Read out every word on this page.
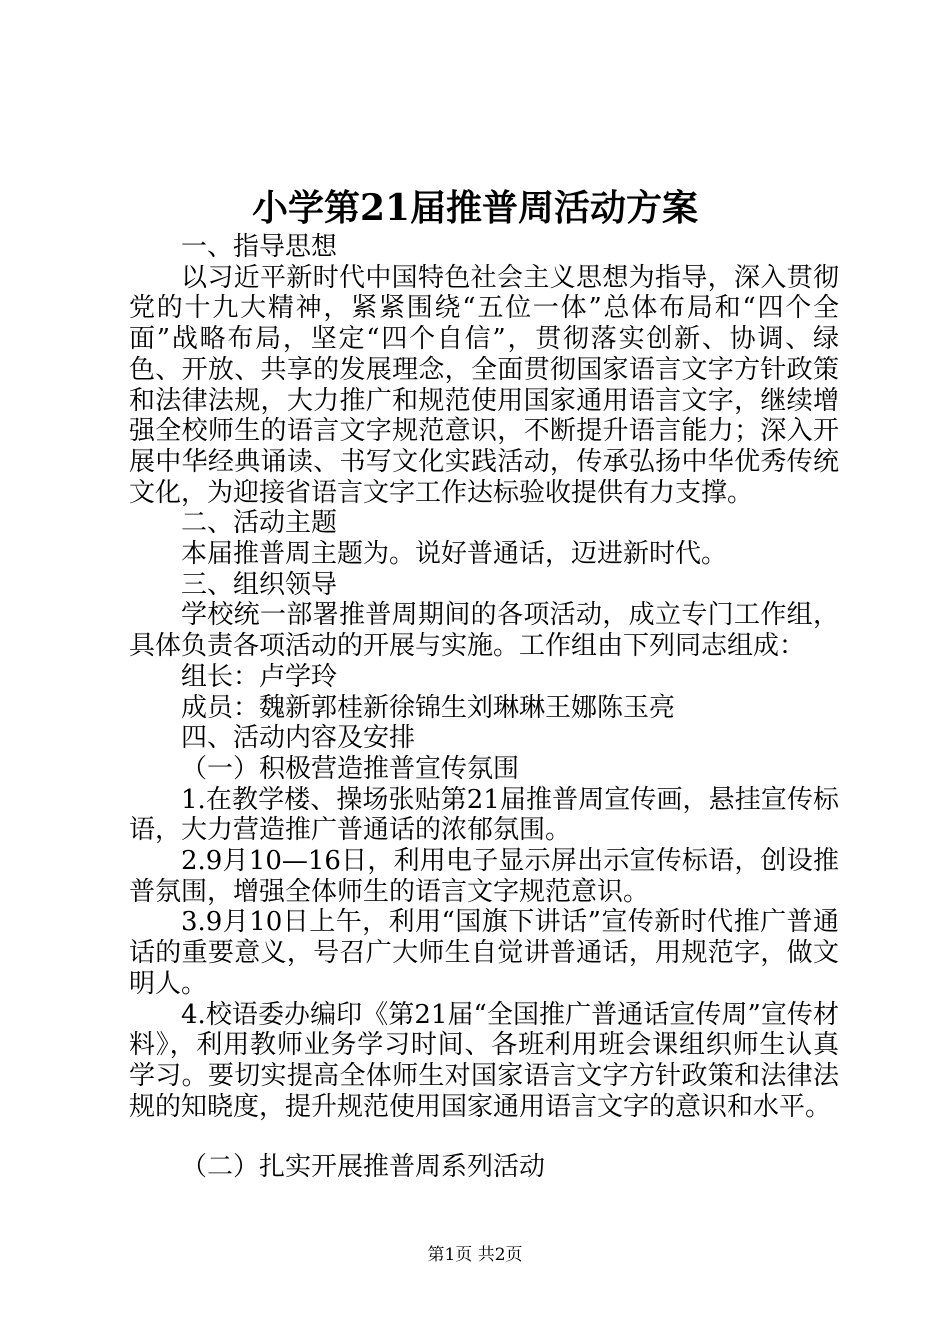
小学第21届推普周活动方案

一、指导思想

以习近平新时代中国特色社会主义思想为指导，深入贯彻党的十九大精神，紧紧围绕“五位一体”总体布局和“四个全面”战略布局，坚定“四个自信”，贯彻落实创新、协调、绿色、开放、共享的发展理念，全面贯彻国家语言文字方针政策和法律法规，大力推广和规范使用国家通用语言文字，继续增强全校师生的语言文字规范意识，不断提升语言能力；深入开展中华经典诵读、书写文化实践活动，传承弘扬中华优秀传统文化，为迎接省语言文字工作达标验收提供有力支撑。

二、活动主题

本届推普周主题为。说好普通话，迈进新时代。

三、组织领导

学校统一部署推普周期间的各项活动，成立专门工作组，具体负责各项活动的开展与实施。工作组由下列同志组成：

组长：卢学玲

成员：魏新郭桂新徐锦生刘琳琳王娜陈玉亮

四、活动内容及安排

（一）积极营造推普宣传氛围

1.在教学楼、操场张贴第21届推普周宣传画，悬挂宣传标语，大力营造推广普通话的浓郁氛围。

2.9月10—16日，利用电子显示屏出示宣传标语，创设推普氛围，增强全体师生的语言文字规范意识。

3.9月10日上午，利用“国旗下讲话”宣传新时代推广普通话的重要意义，号召广大师生自觉讲普通话，用规范字，做文明人。

4.校语委办编印《第21届“全国推广普通话宣传周”宣传材料》，利用教师业务学习时间、各班利用班会课组织师生认真学习。要切实提高全体师生对国家语言文字方针政策和法律法规的知晓度，提升规范使用国家通用语言文字的意识和水平。

（二）扎实开展推普周系列活动

第1页 共2页
